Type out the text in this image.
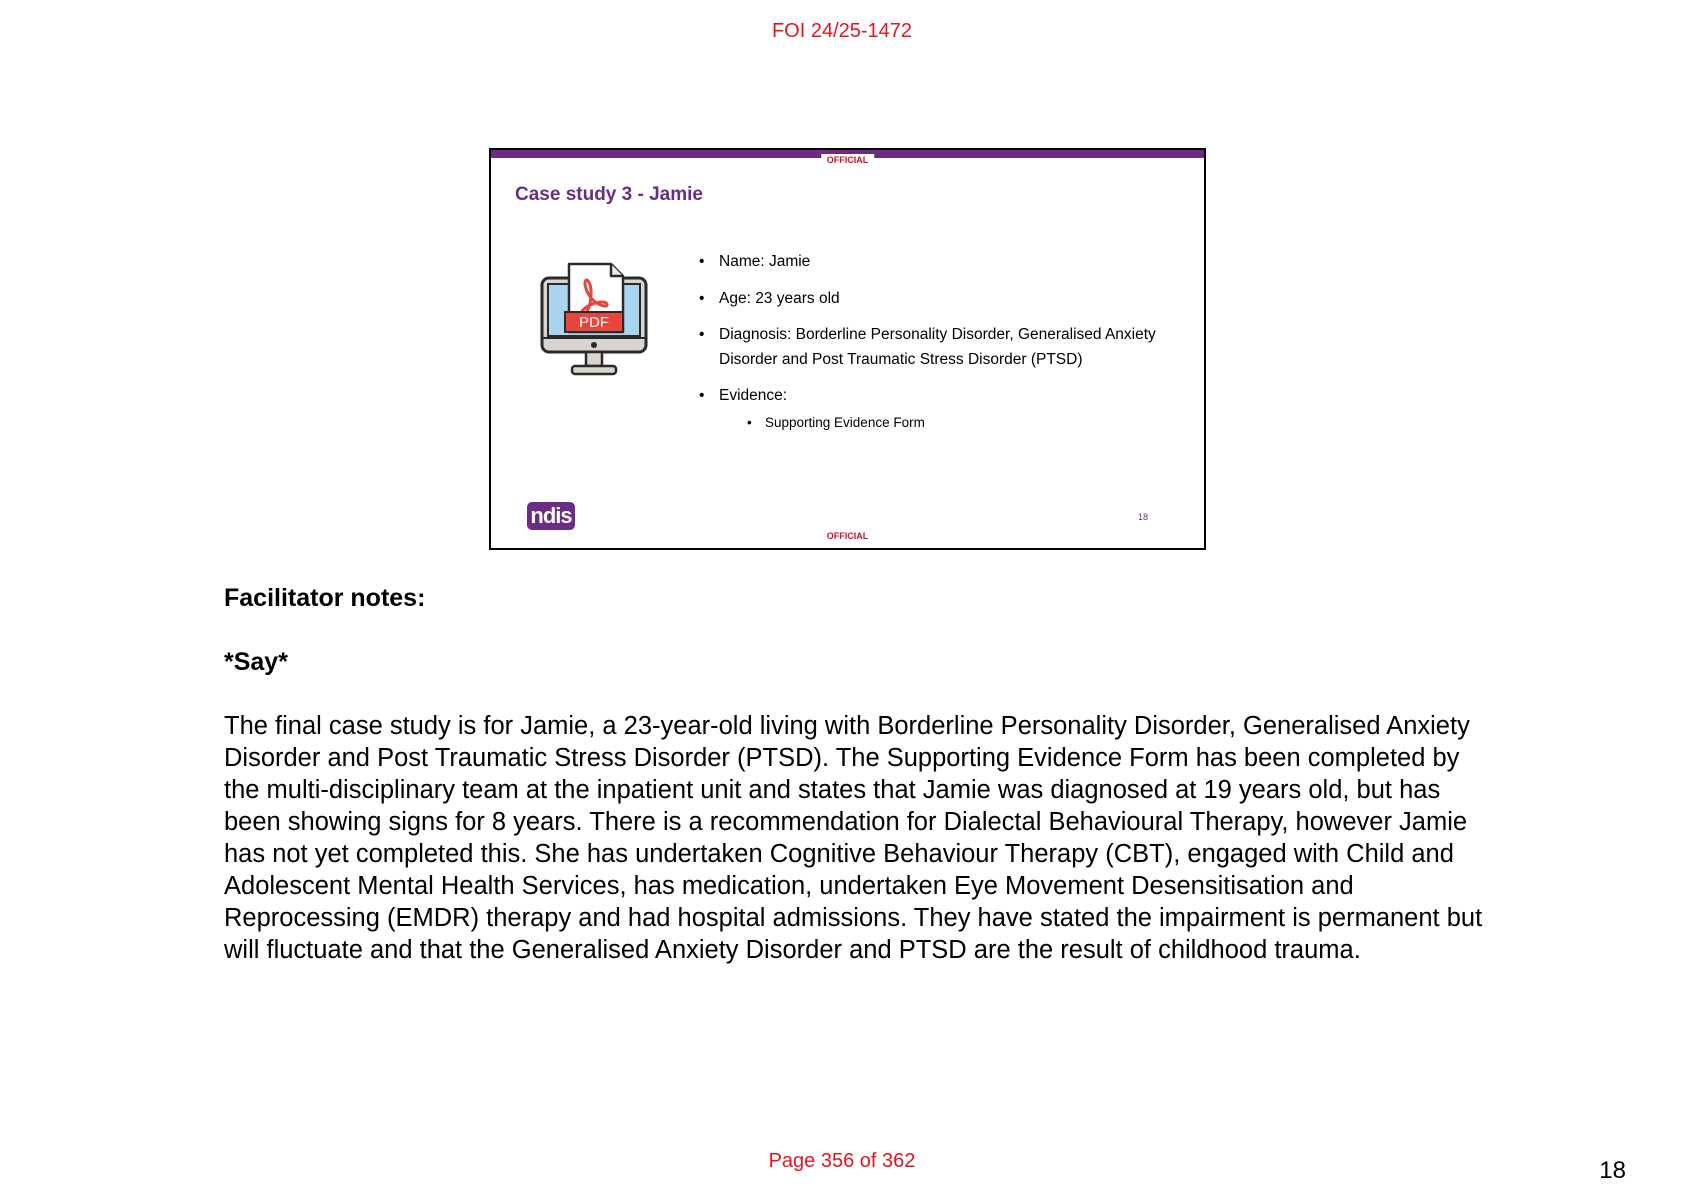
FOI 24/25-1472
OFFICIAL
Case study 3 - Jamie
PDF
• Name: Jamie
• Age: 23 years old
• Diagnosis: Borderline Personality Disorder, Generalised Anxiety Disorder and Post Traumatic Stress Disorder (PTSD)
• Evidence:
• Supporting Evidence Form
ndis	18
OFFICIAL
Facilitator notes:
*Say*

The final case study is for Jamie, a 23-year-old living with Borderline Personality Disorder, Generalised Anxiety Disorder and Post Traumatic Stress Disorder (PTSD). The Supporting Evidence Form has been completed by the multi-disciplinary team at the inpatient unit and states that Jamie was diagnosed at 19 years old, but has been showing signs for 8 years. There is a recommendation for Dialectal Behavioural Therapy, however Jamie has not yet completed this. She has undertaken Cognitive Behaviour Therapy (CBT), engaged with Child and Adolescent Mental Health Services, has medication, undertaken Eye Movement Desensitisation and Reprocessing (EMDR) therapy and had hospital admissions. They have stated the impairment is permanent but will fluctuate and that the Generalised Anxiety Disorder and PTSD are the result of childhood trauma.

Page 356 of 362	18
